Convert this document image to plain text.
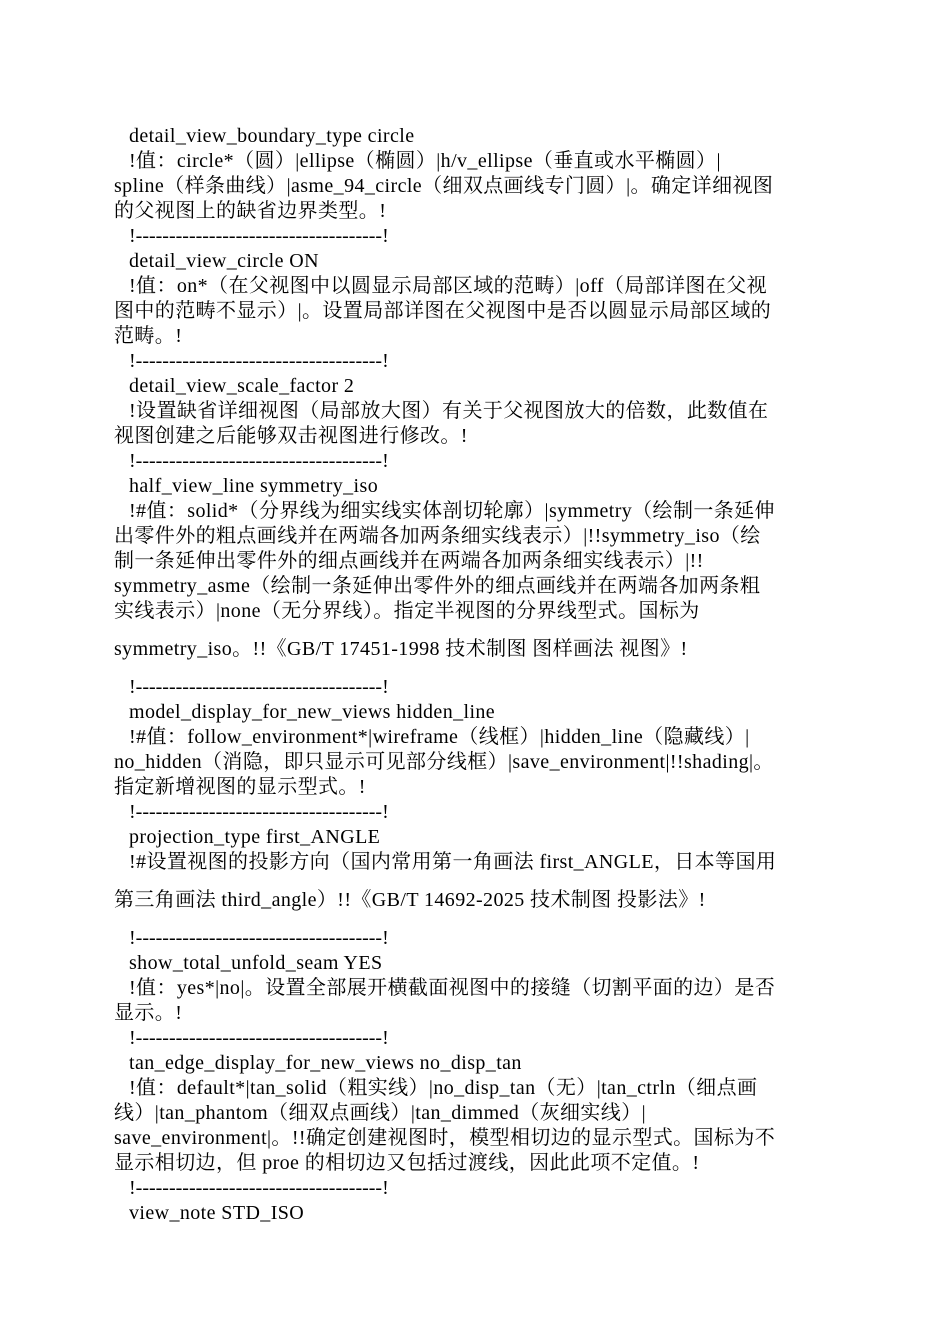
detail_view_boundary_type circle
!值：circle*（圆）|ellipse（椭圆）|h/v_ellipse（垂直或水平椭圆）|
spline（样条曲线）|asme_94_circle（细双点画线专门圆）|。确定详细视图
的父视图上的缺省边界类型。!
!-------------------------------------!
detail_view_circle ON
!值：on*（在父视图中以圆显示局部区域的范畴）|off（局部详图在父视
图中的范畴不显示）|。设置局部详图在父视图中是否以圆显示局部区域的
范畴。!
!-------------------------------------!
detail_view_scale_factor 2
!设置缺省详细视图（局部放大图）有关于父视图放大的倍数，此数值在
视图创建之后能够双击视图进行修改。!
!-------------------------------------!
half_view_line symmetry_iso
!#值：solid*（分界线为细实线实体剖切轮廓）|symmetry（绘制一条延伸
出零件外的粗点画线并在两端各加两条细实线表示）|!!symmetry_iso（绘
制一条延伸出零件外的细点画线并在两端各加两条细实线表示）|!!
symmetry_asme（绘制一条延伸出零件外的细点画线并在两端各加两条粗
实线表示）|none（无分界线）。指定半视图的分界线型式。国标为
symmetry_iso。!!《GB/T 17451-1998 技术制图 图样画法 视图》!
!-------------------------------------!
model_display_for_new_views hidden_line
!#值：follow_environment*|wireframe（线框）|hidden_line（隐藏线）|
no_hidden（消隐，即只显示可见部分线框）|save_environment|!!shading|。
指定新增视图的显示型式。!
!-------------------------------------!
projection_type first_ANGLE
!#设置视图的投影方向（国内常用第一角画法 first_ANGLE，日本等国用
第三角画法 third_angle）!!《GB/T 14692-2025 技术制图 投影法》!
!-------------------------------------!
show_total_unfold_seam YES
!值：yes*|no|。设置全部展开横截面视图中的接缝（切割平面的边）是否
显示。!
!-------------------------------------!
tan_edge_display_for_new_views no_disp_tan
!值：default*|tan_solid（粗实线）|no_disp_tan（无）|tan_ctrln（细点画
线）|tan_phantom（细双点画线）|tan_dimmed（灰细实线）|
save_environment|。!!确定创建视图时，模型相切边的显示型式。国标为不
显示相切边，但 proe 的相切边又包括过渡线，因此此项不定值。!
!-------------------------------------!
view_note STD_ISO
